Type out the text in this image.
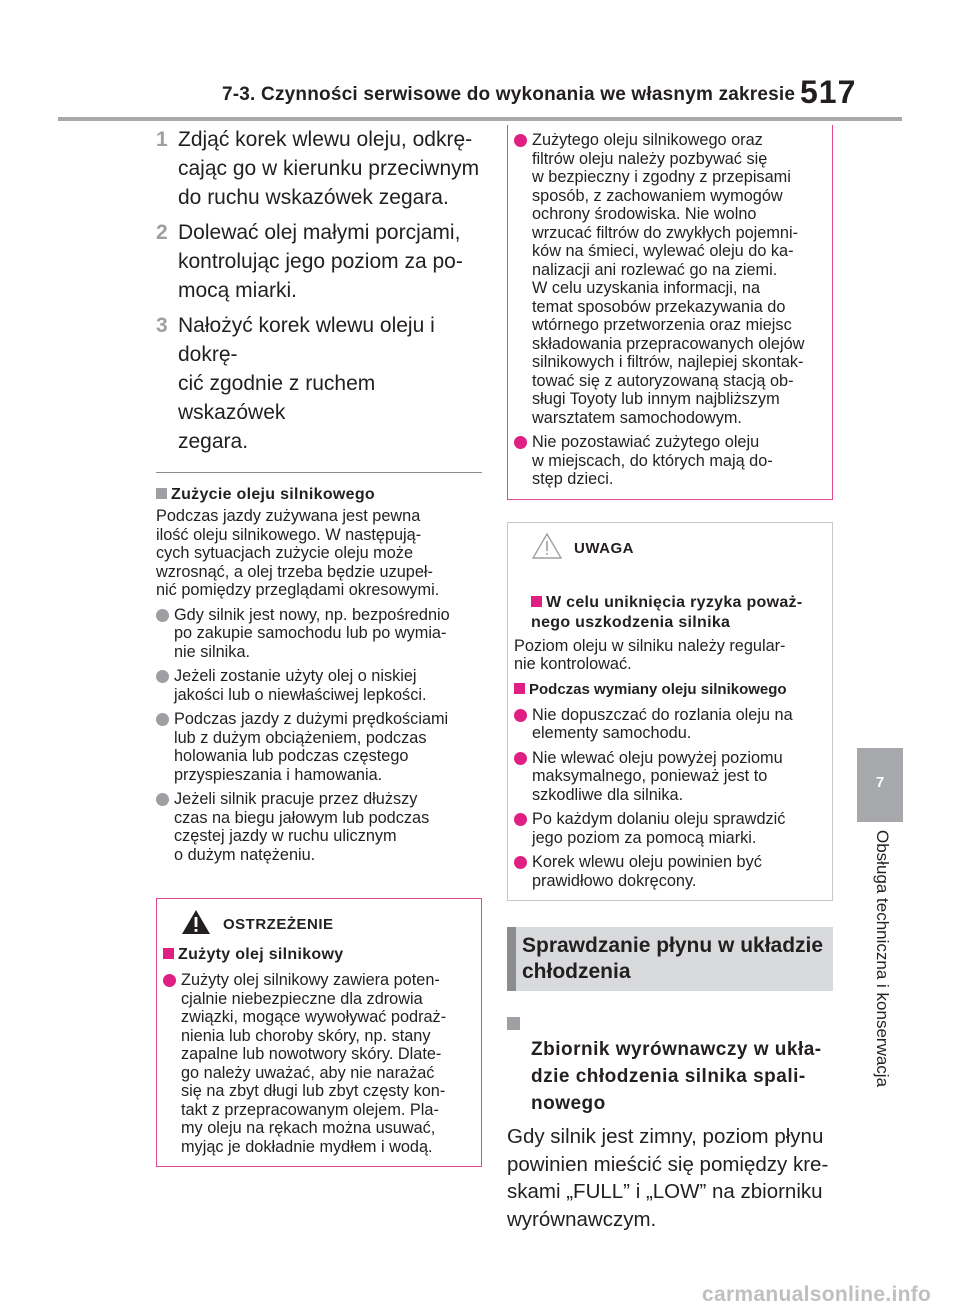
7-3. Czynności serwisowe do wykonania we własnym zakresie 517
7
Obsługa techniczna i konserwacja
1 Zdjąć korek wlewu oleju, odkrę-
cając go w kierunku przeciwnym
do ruchu wskazówek zegara.
2 Dolewać olej małymi porcjami,
kontrolując jego poziom za po-
mocą miarki.
3 Nałożyć korek wlewu oleju i dokrę-
cić zgodnie z ruchem wskazówek
zegara.
Zużycie oleju silnikowego
Podczas jazdy zużywana jest pewna
ilość oleju silnikowego. W następują-
cych sytuacjach zużycie oleju może
wzrosnąć, a olej trzeba będzie uzupeł-
nić pomiędzy przeglądami okresowymi.
Gdy silnik jest nowy, np. bezpośrednio
po zakupie samochodu lub po wymia-
nie silnika.
Jeżeli zostanie użyty olej o niskiej
jakości lub o niewłaściwej lepkości.
Podczas jazdy z dużymi prędkościami
lub z dużym obciążeniem, podczas
holowania lub podczas częstego
przyspieszania i hamowania.
Jeżeli silnik pracuje przez dłuższy
czas na biegu jałowym lub podczas
częstej jazdy w ruchu ulicznym
o dużym natężeniu.
OSTRZEŻENIE
Zużyty olej silnikowy
Zużyty olej silnikowy zawiera poten-
cjalnie niebezpieczne dla zdrowia
związki, mogące wywoływać podraż-
nienia lub choroby skóry, np. stany
zapalne lub nowotwory skóry. Dlate-
go należy uważać, aby nie narażać
się na zbyt długi lub zbyt częsty kon-
takt z przepracowanym olejem. Pla-
my oleju na rękach można usuwać,
myjąc je dokładnie mydłem i wodą.
Zużytego oleju silnikowego oraz
filtrów oleju należy pozbywać się
w bezpieczny i zgodny z przepisami
sposób, z zachowaniem wymogów
ochrony środowiska. Nie wolno
wrzucać filtrów do zwykłych pojemni-
ków na śmieci, wylewać oleju do ka-
nalizacji ani rozlewać go na ziemi.
W celu uzyskania informacji, na
temat sposobów przekazywania do
wtórnego przetworzenia oraz miejsc
składowania przepracowanych olejów
silnikowych i filtrów, najlepiej skontak-
tować się z autoryzowaną stacją ob-
sługi Toyoty lub innym najbliższym
warsztatem samochodowym.
Nie pozostawiać zużytego oleju
w miejscach, do których mają do-
stęp dzieci.
UWAGA

W celu uniknięcia ryzyka poważ-
nego uszkodzenia silnika

Poziom oleju w silniku należy regular-
nie kontrolować.
Podczas wymiany oleju silnikowego
Nie dopuszczać do rozlania oleju na
elementy samochodu.
Nie wlewać oleju powyżej poziomu
maksymalnego, ponieważ jest to
szkodliwe dla silnika.
Po każdym dolaniu oleju sprawdzić
jego poziom za pomocą miarki.
Korek wlewu oleju powinien być
prawidłowo dokręcony.
Sprawdzanie płynu w układzie
chłodzenia

Zbiornik wyrównawczy w ukła-
dzie chłodzenia silnika spali-
nowego

Gdy silnik jest zimny, poziom płynu
powinien mieścić się pomiędzy kre-
skami „FULL” i „LOW” na zbiorniku
wyrównawczym.
carmanualsonline.info
